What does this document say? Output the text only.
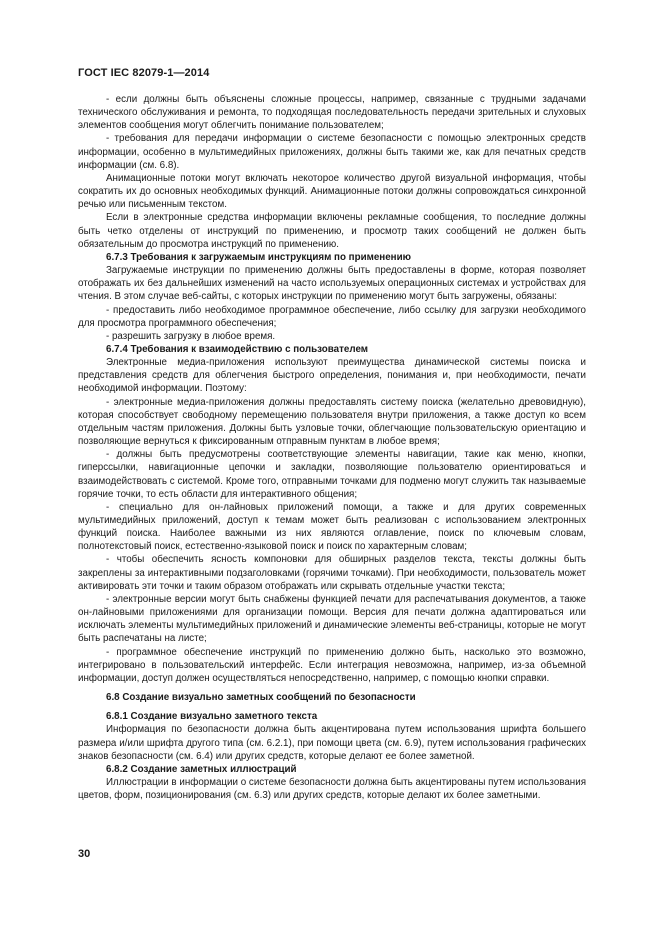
ГОСТ IEC 82079-1—2014

- если должны быть объяснены сложные процессы, например, связанные с трудными задачами технического обслуживания и ремонта, то подходящая последовательность передачи зрительных и слуховых элементов сообщения могут облегчить понимание пользователем;

- требования для передачи информации о системе безопасности с помощью электронных средств информации, особенно в мультимедийных приложениях, должны быть такими же, как для печатных средств информации (см. 6.8).

Анимационные потоки могут включать некоторое количество другой визуальной информация, чтобы сократить их до основных необходимых функций. Анимационные потоки должны сопровождаться синхронной речью или письменным текстом.

Если в электронные средства информации включены рекламные сообщения, то последние должны быть четко отделены от инструкций по применению, и просмотр таких сообщений не должен быть обязательным до просмотра инструкций по применению.

6.7.3 Требования к загружаемым инструкциям по применению

Загружаемые инструкции по применению должны быть предоставлены в форме, которая позволяет отображать их без дальнейших изменений на часто используемых операционных системах и устройствах для чтения. В этом случае веб-сайты, с которых инструкции по применению могут быть загружены, обязаны:

- предоставить либо необходимое программное обеспечение, либо ссылку для загрузки необходимого для просмотра программного обеспечения;

- разрешить загрузку в любое время.

6.7.4 Требования к взаимодействию с пользователем

Электронные медиа-приложения используют преимущества динамической системы поиска и представления средств для облегчения быстрого определения, понимания и, при необходимости, печати необходимой информации. Поэтому:

- электронные медиа-приложения должны предоставлять систему поиска (желательно древовидную), которая способствует свободному перемещению пользователя внутри приложения, а также доступ ко всем отдельным частям приложения. Должны быть узловые точки, облегчающие пользовательскую ориентацию и позволяющие вернуться к фиксированным отправным пунктам в любое время;

- должны быть предусмотрены соответствующие элементы навигации, такие как меню, кнопки, гиперссылки, навигационные цепочки и закладки, позволяющие пользователю ориентироваться и взаимодействовать с системой. Кроме того, отправными точками для подменю могут служить так называемые горячие точки, то есть области для интерактивного общения;

- специально для он-лайновых приложений помощи, а также и для других современных мультимедийных приложений, доступ к темам может быть реализован с использованием электронных функций поиска. Наиболее важными из них являются оглавление, поиск по ключевым словам, полнотекстовый поиск, естественно-языковой поиск и поиск по характерным словам;

- чтобы обеспечить ясность компоновки для обширных разделов текста, тексты должны быть закреплены за интерактивными подзаголовками (горячими точками). При необходимости, пользователь может активировать эти точки и таким образом отображать или скрывать отдельные участки текста;

- электронные версии могут быть снабжены функцией печати для распечатывания документов, а также он-лайновыми приложениями для организации помощи. Версия для печати должна адаптироваться или исключать элементы мультимедийных приложений и динамические элементы веб-страницы, которые не могут быть распечатаны на листе;

- программное обеспечение инструкций по применению должно быть, насколько это возможно, интегрировано в пользовательский интерфейс. Если интеграция невозможна, например, из-за объемной информации, доступ должен осуществляться непосредственно, например, с помощью кнопки справки.

6.8 Создание визуально заметных сообщений по безопасности

6.8.1 Создание визуально заметного текста

Информация по безопасности должна быть акцентирована путем использования шрифта большего размера и/или шрифта другого типа (см. 6.2.1), при помощи цвета (см. 6.9), путем использования графических знаков безопасности (см. 6.4) или других средств, которые делают ее более заметной.

6.8.2 Создание заметных иллюстраций

Иллюстрации в информации о системе безопасности должна быть акцентированы путем использования цветов, форм, позиционирования (см. 6.3) или других средств, которые делают их более заметными.

30
